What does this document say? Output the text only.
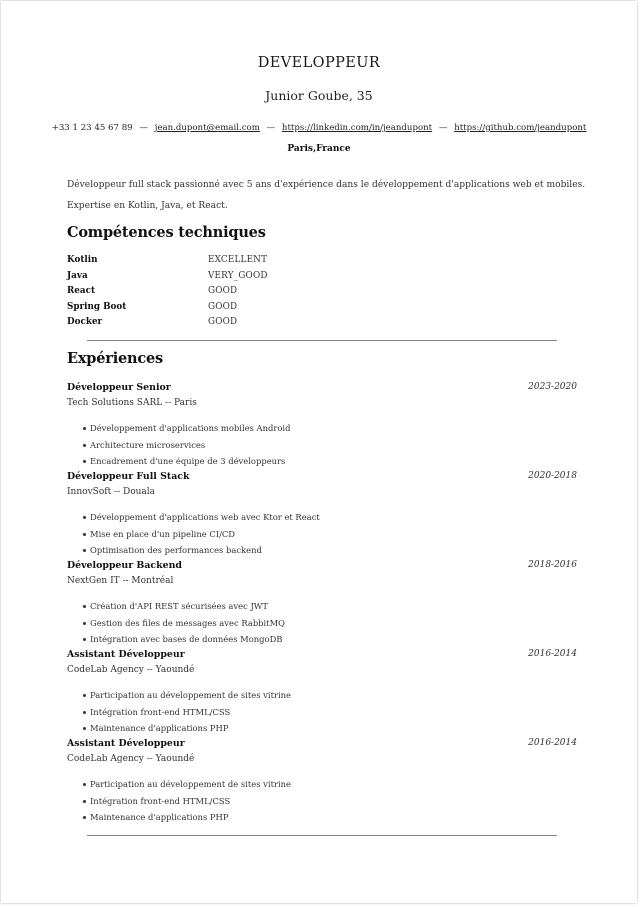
DEVELOPPEUR
Junior Goube, 35
+33 1 23 45 67 89 — jean.dupont@email.com — https://linkedin.com/in/jeandupont — https://github.com/jeandupont
Paris,France
Développeur full stack passionné avec 5 ans d'expérience dans le développement d'applications web et mobiles. Expertise en Kotlin, Java, et React.
Compétences techniques
Kotlin	EXCELLENT
Java	VERY_GOOD
React	GOOD
Spring Boot	GOOD
Docker	GOOD
Expériences
Développeur Senior	2023-2020
Tech Solutions SARL -- Paris
Développement d'applications mobiles Android
Architecture microservices
Encadrement d'une équipe de 3 développeurs
Développeur Full Stack	2020-2018
InnovSoft -- Douala
Développement d'applications web avec Ktor et React
Mise en place d'un pipeline CI/CD
Optimisation des performances backend
Développeur Backend	2018-2016
NextGen IT -- Montréal
Création d'API REST sécurisées avec JWT
Gestion des files de messages avec RabbitMQ
Intégration avec bases de données MongoDB
Assistant Développeur	2016-2014
CodeLab Agency -- Yaoundé
Participation au développement de sites vitrine
Intégration front-end HTML/CSS
Maintenance d'applications PHP
Assistant Développeur	2016-2014
CodeLab Agency -- Yaoundé
Participation au développement de sites vitrine
Intégration front-end HTML/CSS
Maintenance d'applications PHP
